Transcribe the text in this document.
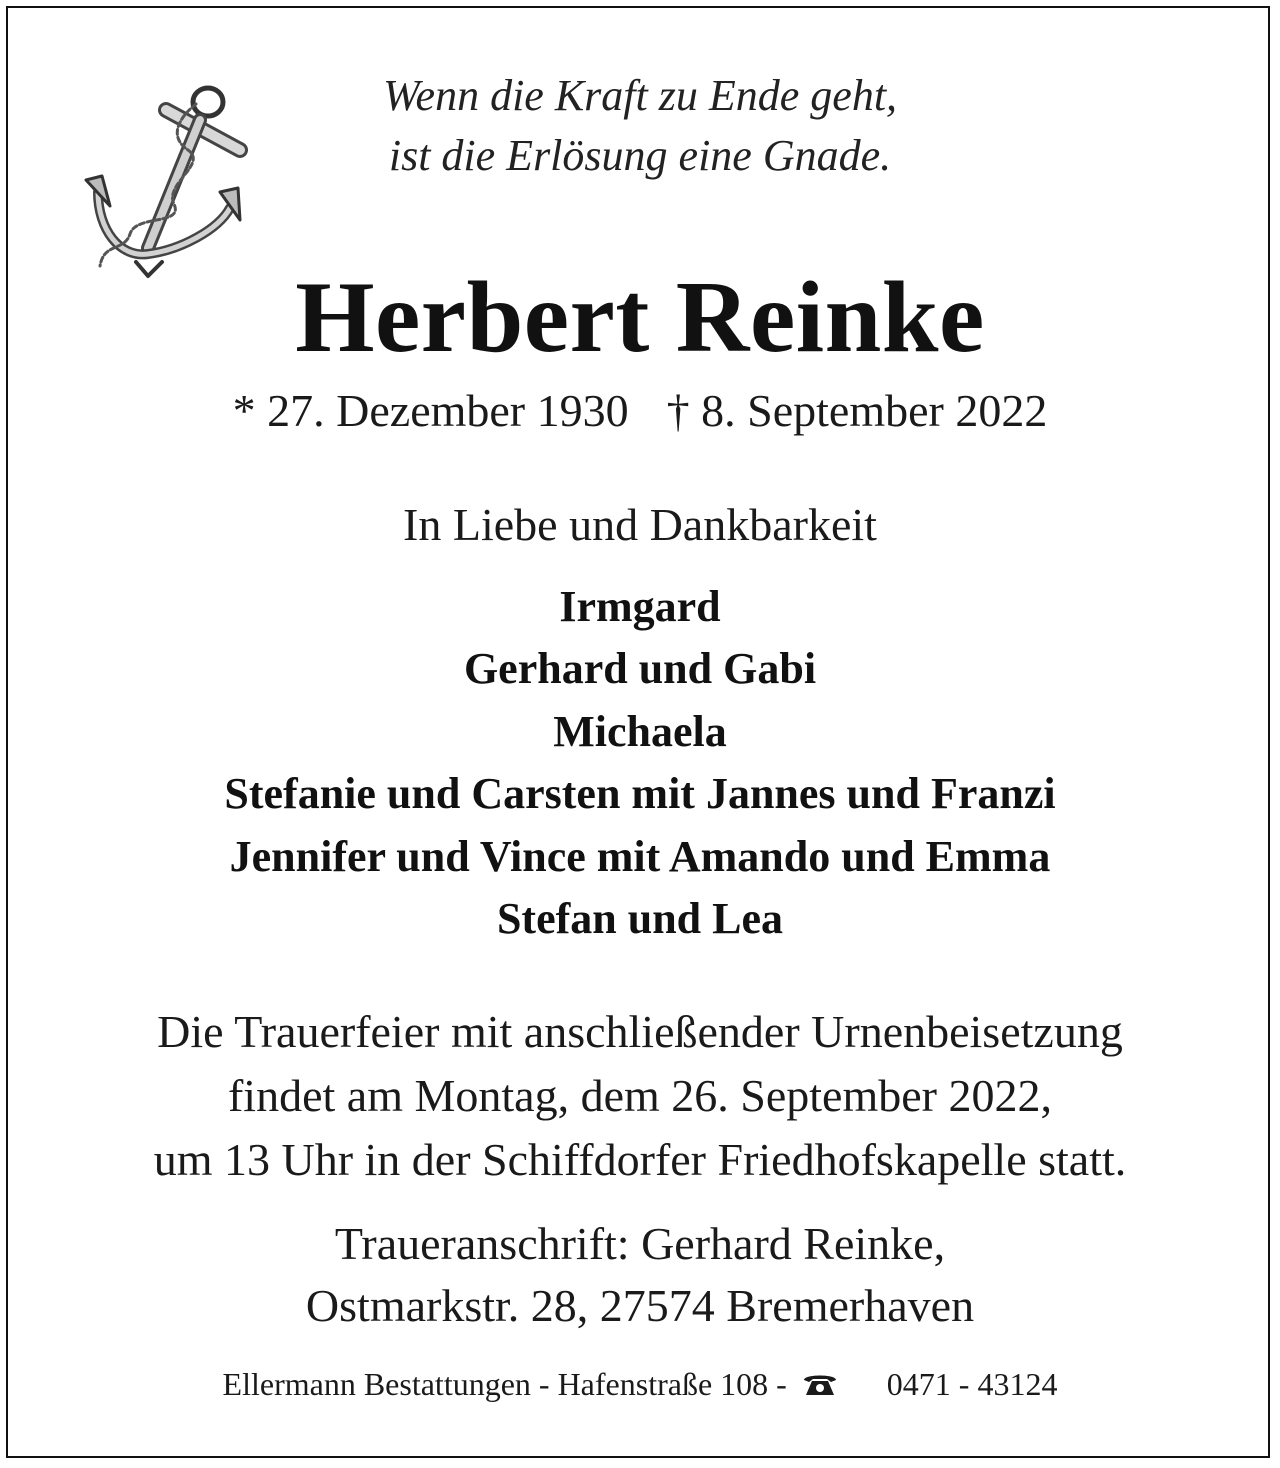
Wenn die Kraft zu Ende geht,
ist die Erlösung eine Gnade.
Herbert Reinke
* 27. Dezember 1930 † 8. September 2022
In Liebe und Dankbarkeit
Irmgard
Gerhard und Gabi
Michaela
Stefanie und Carsten mit Jannes und Franzi
Jennifer und Vince mit Amando und Emma
Stefan und Lea
Die Trauerfeier mit anschließender Urnenbeisetzung
findet am Montag, dem 26. September 2022,
um 13 Uhr in der Schiffdorfer Friedhofskapelle statt.
Traueranschrift: Gerhard Reinke,
Ostmarkstr. 28, 27574 Bremerhaven
Ellermann Bestattungen - Hafenstraße 108 -	0471 - 43124
